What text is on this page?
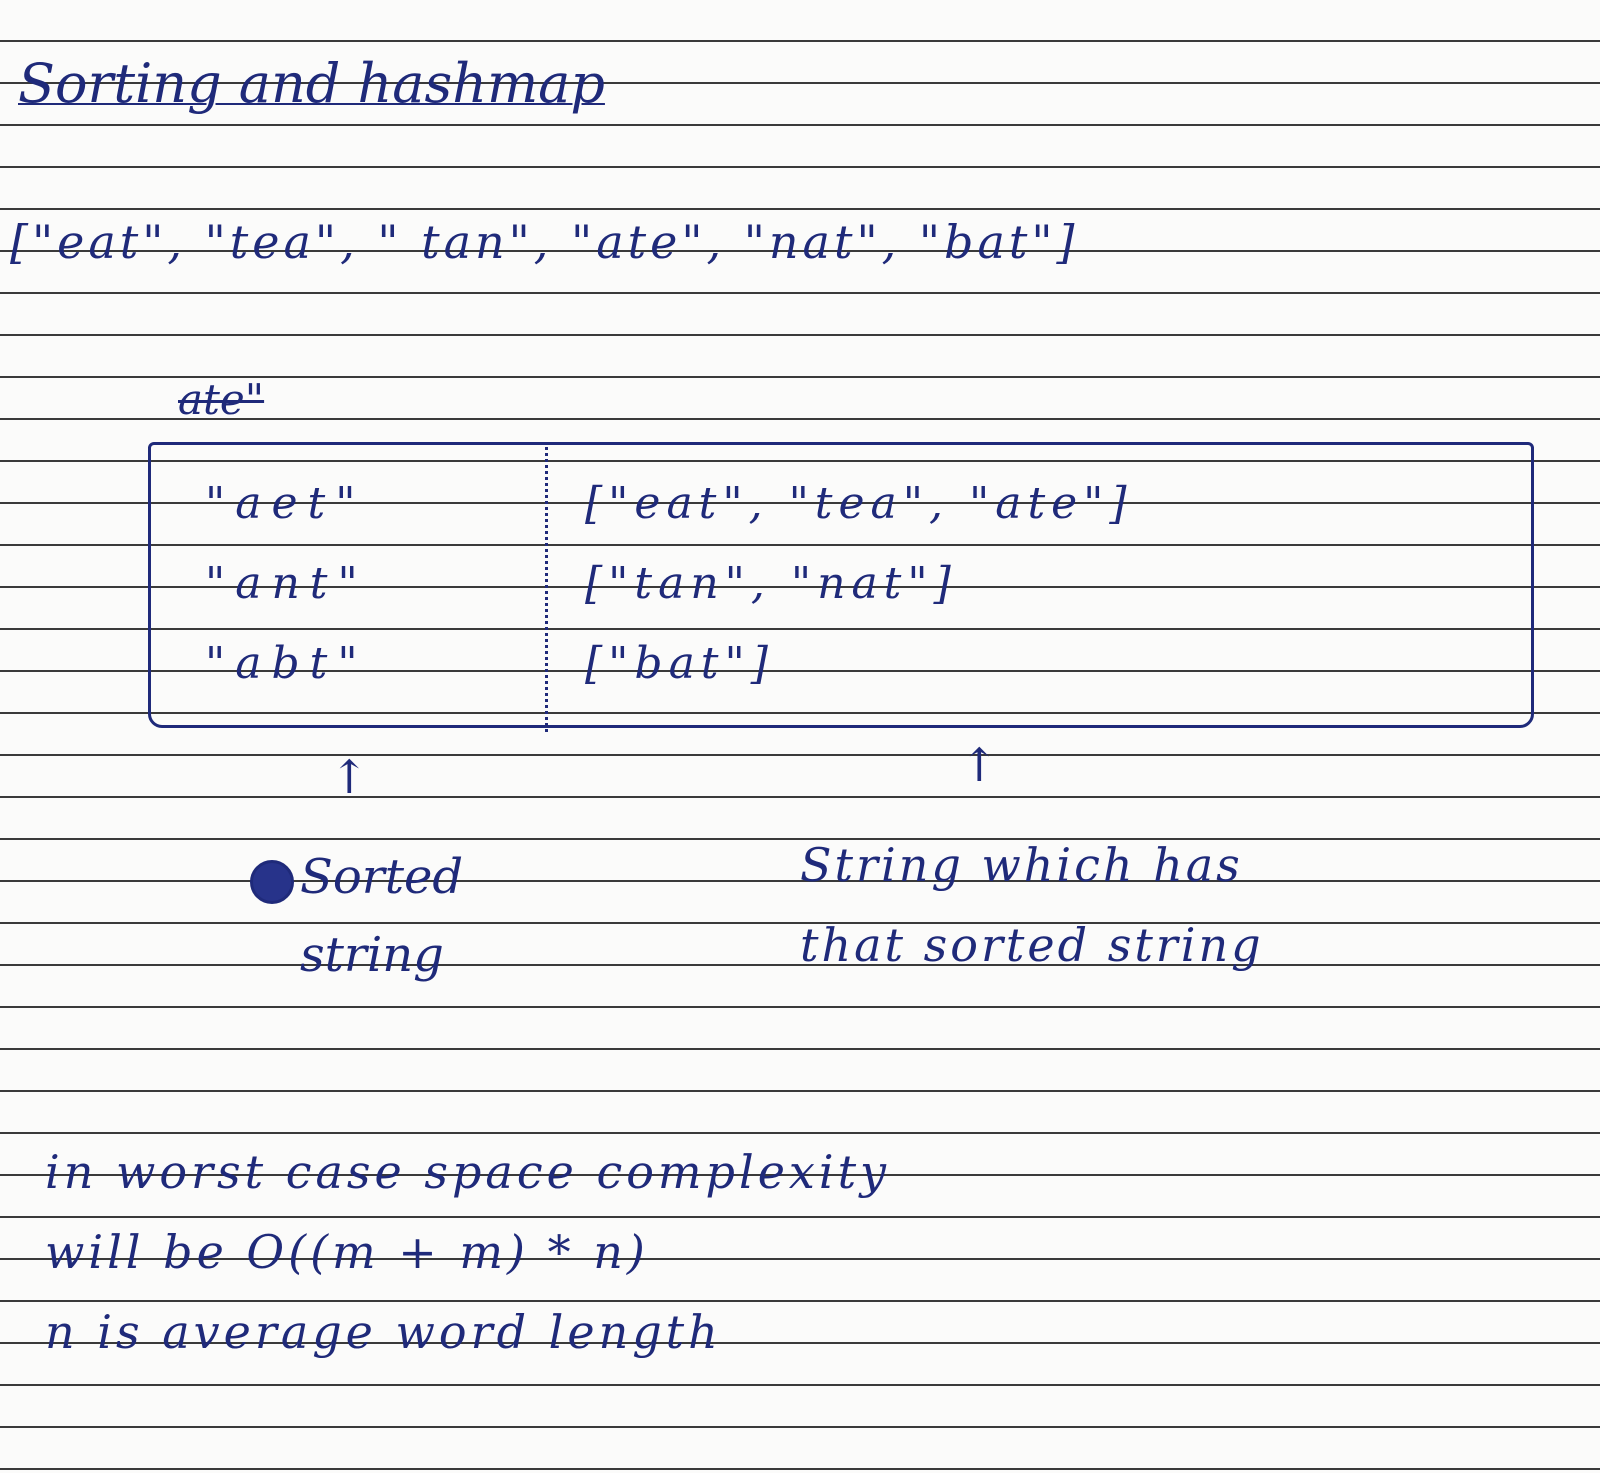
Sorting and hashmap
["eat", "tea", " tan", "ate", "nat", "bat"]
ate"
"aet"	["eat", "tea", "ate"]
"ant"	["tan", "nat"]
"abt"	["bat"]
↑	↑
Sorted
string
String which has
that sorted string
in worst case space complexity
will be O((m + m) * n)
n is average word length
